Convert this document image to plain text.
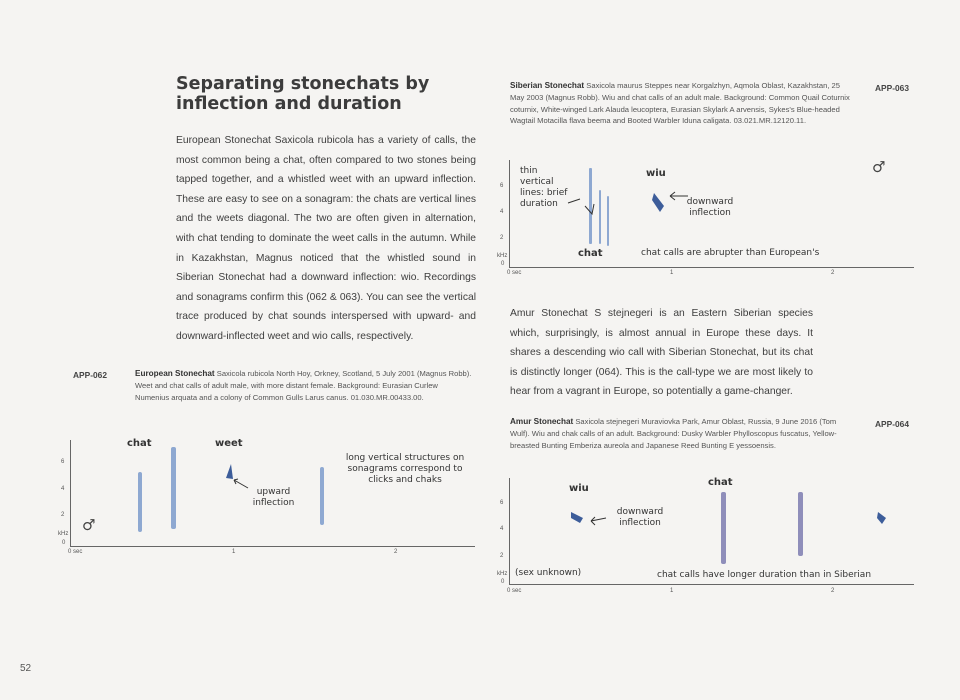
Separating stonechats by inflection and duration
European Stonechat Saxicola rubicola has a variety of calls, the most common being a chat, often compared to two stones being tapped together, and a whistled weet with an upward inflection. These are easy to see on a sonagram: the chats are vertical lines and the weets diagonal. The two are often given in alternation, with chat tending to dominate the weet calls in the autumn. While in Kazakhstan, Magnus noticed that the whistled sound in Siberian Stonechat had a downward inflection: wio. Recordings and sonagrams confirm this (062 & 063). You can see the vertical trace produced by chat sounds interspersed with upward- and downward-inflected weet and wio calls, respectively.
APP-062	European Stonechat Saxicola rubicola North Hoy, Orkney, Scotland, 5 July 2001 (Magnus Robb). Weet and chat calls of adult male, with more distant female. Background: Eurasian Curlew Numenius arquata and a colony of Common Gulls Larus canus. 01.030.MR.00433.00.
6
4
2
kHz
0
0 sec	1	2
chat	weet
upward inflection
long vertical structures on sonagrams correspond to clicks and chaks
♂
Siberian Stonechat Saxicola maurus Steppes near Korgalzhyn, Aqmola Oblast, Kazakhstan, 25 May 2003 (Magnus Robb). Wiu and chat calls of an adult male. Background: Common Quail Coturnix coturnix, White-winged Lark Alauda leucoptera, Eurasian Skylark A arvensis, Sykes's Blue-headed Wagtail Motacilla flava beema and Booted Warbler Iduna caligata. 03.021.MR.12120.11.
APP-063
6
4
2
kHz
0
0 sec	1	2
thin vertical lines: brief duration
chat
wiu
downward inflection
chat calls are abrupter than European's
♂
Amur Stonechat S stejnegeri is an Eastern Siberian species which, surprisingly, is almost annual in Europe these days. It shares a descending wio call with Siberian Stonechat, but its chat is distinctly longer (064). This is the call-type we are most likely to hear from a vagrant in Europe, so potentially a game-changer.
Amur Stonechat Saxicola stejnegeri Muraviovka Park, Amur Oblast, Russia, 9 June 2016 (Tom Wulf). Wiu and chak calls of an adult. Background: Dusky Warbler Phylloscopus fuscatus, Yellow-breasted Bunting Emberiza aureola and Japanese Reed Bunting E yessoensis.
APP-064
6
4
2
kHz
0
0 sec	1	2
wiu
chat
downward inflection
(sex unknown)	chat calls have longer duration than in Siberian
52
